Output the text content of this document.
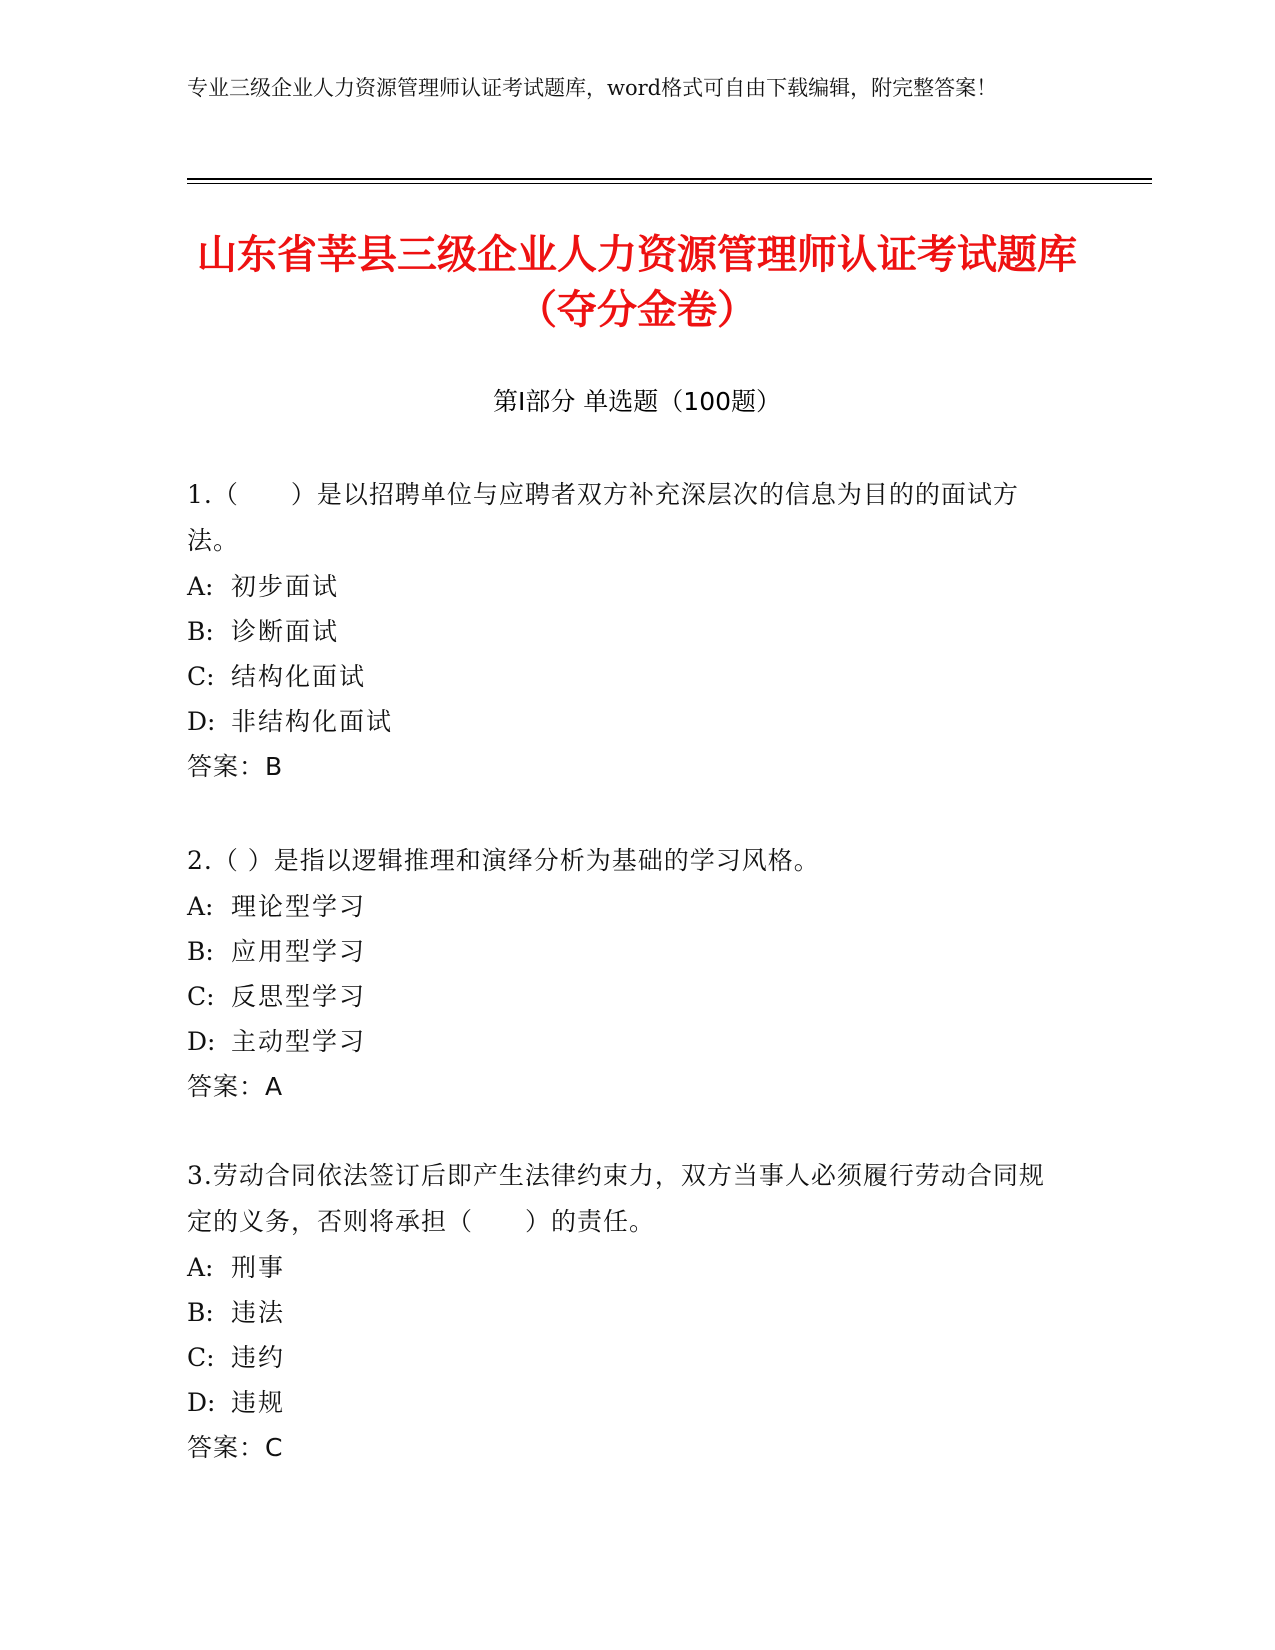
专业三级企业人力资源管理师认证考试题库，word格式可自由下载编辑，附完整答案！
山东省莘县三级企业人力资源管理师认证考试题库（夺分金卷）
第I部分 单选题（100题）
1.（　　）是以招聘单位与应聘者双方补充深层次的信息为目的的面试方法。
A: 初步面试
B: 诊断面试
C: 结构化面试
D: 非结构化面试
答案：B
2.（ ）是指以逻辑推理和演绎分析为基础的学习风格。
A: 理论型学习
B: 应用型学习
C: 反思型学习
D: 主动型学习
答案：A
3.劳动合同依法签订后即产生法律约束力，双方当事人必须履行劳动合同规定的义务，否则将承担（　　）的责任。
A: 刑事
B: 违法
C: 违约
D: 违规
答案：C
